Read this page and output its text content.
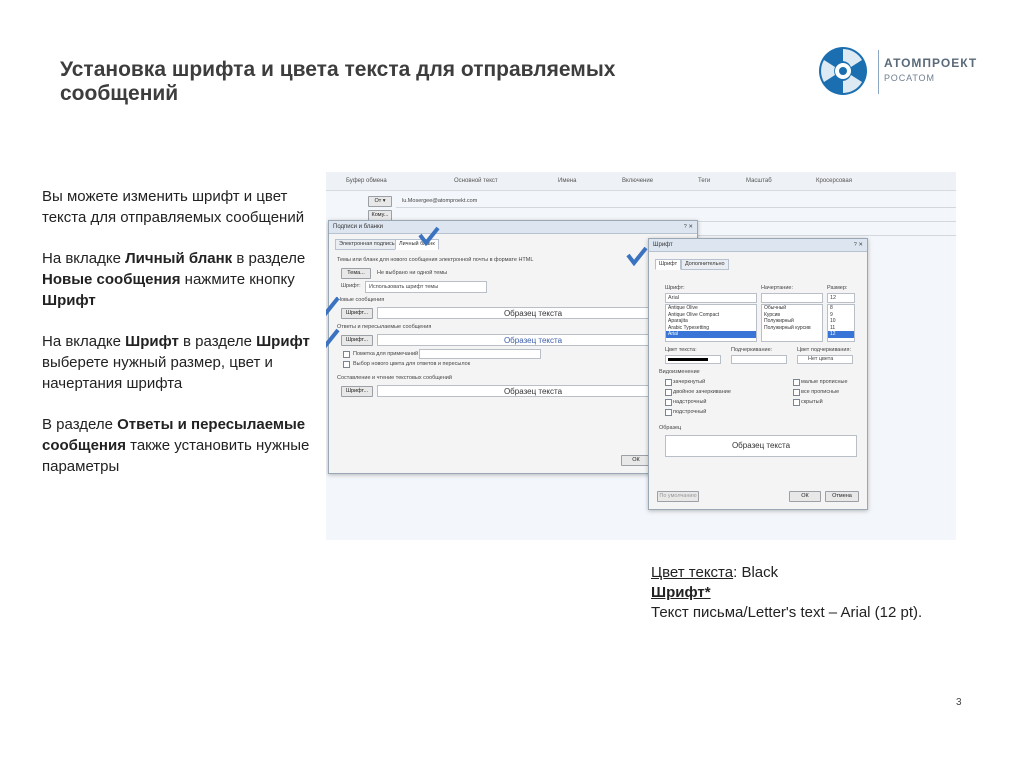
Установка шрифта и цвета текста для отправляемых сообщений
АТОМПРОЕКТ
РОСАТОМ

Вы можете изменить шрифт и цвет текста для отправляемых сообщений

На вкладке Личный бланк в разделе Новые сообщения нажмите кнопку Шрифт

На вкладке Шрифт в разделе Шрифт выберете нужный размер, цвет и начертания шрифта

В разделе Ответы и пересылаемые сообщения также установить нужные параметры

Буфер обмена	Основной текст	Имена	Включение	Теги	Масштаб	Кросерсовая
От ▾
Кому...
lu.Mosergee@atomproekt.com
Подписи и бланки	? ✕
Электронная подпись Личный бланк
Темы или бланк для нового сообщения электронной почты в формате HTML
Тема...	Не выбрано ни одной темы
Шрифт: Использовать шрифт темы
Новые сообщения
Шрифт...	Образец текста
Ответы и пересылаемые сообщения
Шрифт...	Образец текста
Пометка для примечаний
Выбор нового цвета для ответов и пересылок
Составление и чтение текстовых сообщений
Шрифт...	Образец текста
ОК
Шрифт	? ✕
Шрифт	Дополнительно
Шрифт:
Arial
Antique Olive
Antique Olive Compact
Aparajita
Arabic Typesetting
Arial
Начертание:
Обычный
Курсив
Полужирный
Полужирный курсив
Размер:
12
8
9
10
11
12
Цвет текста:	Подчеркивание:	Цвет подчеркивания:
Нет цвета
Видоизменение
зачеркнутый
двойное зачеркивание
надстрочный
подстрочный
малые прописные
все прописные
скрытый
Образец
Образец текста
По умолчанию	ОК	Отмена
Цвет текста: Black
Шрифт*
Текст письма/Letter's text – Arial (12 pt).
3
